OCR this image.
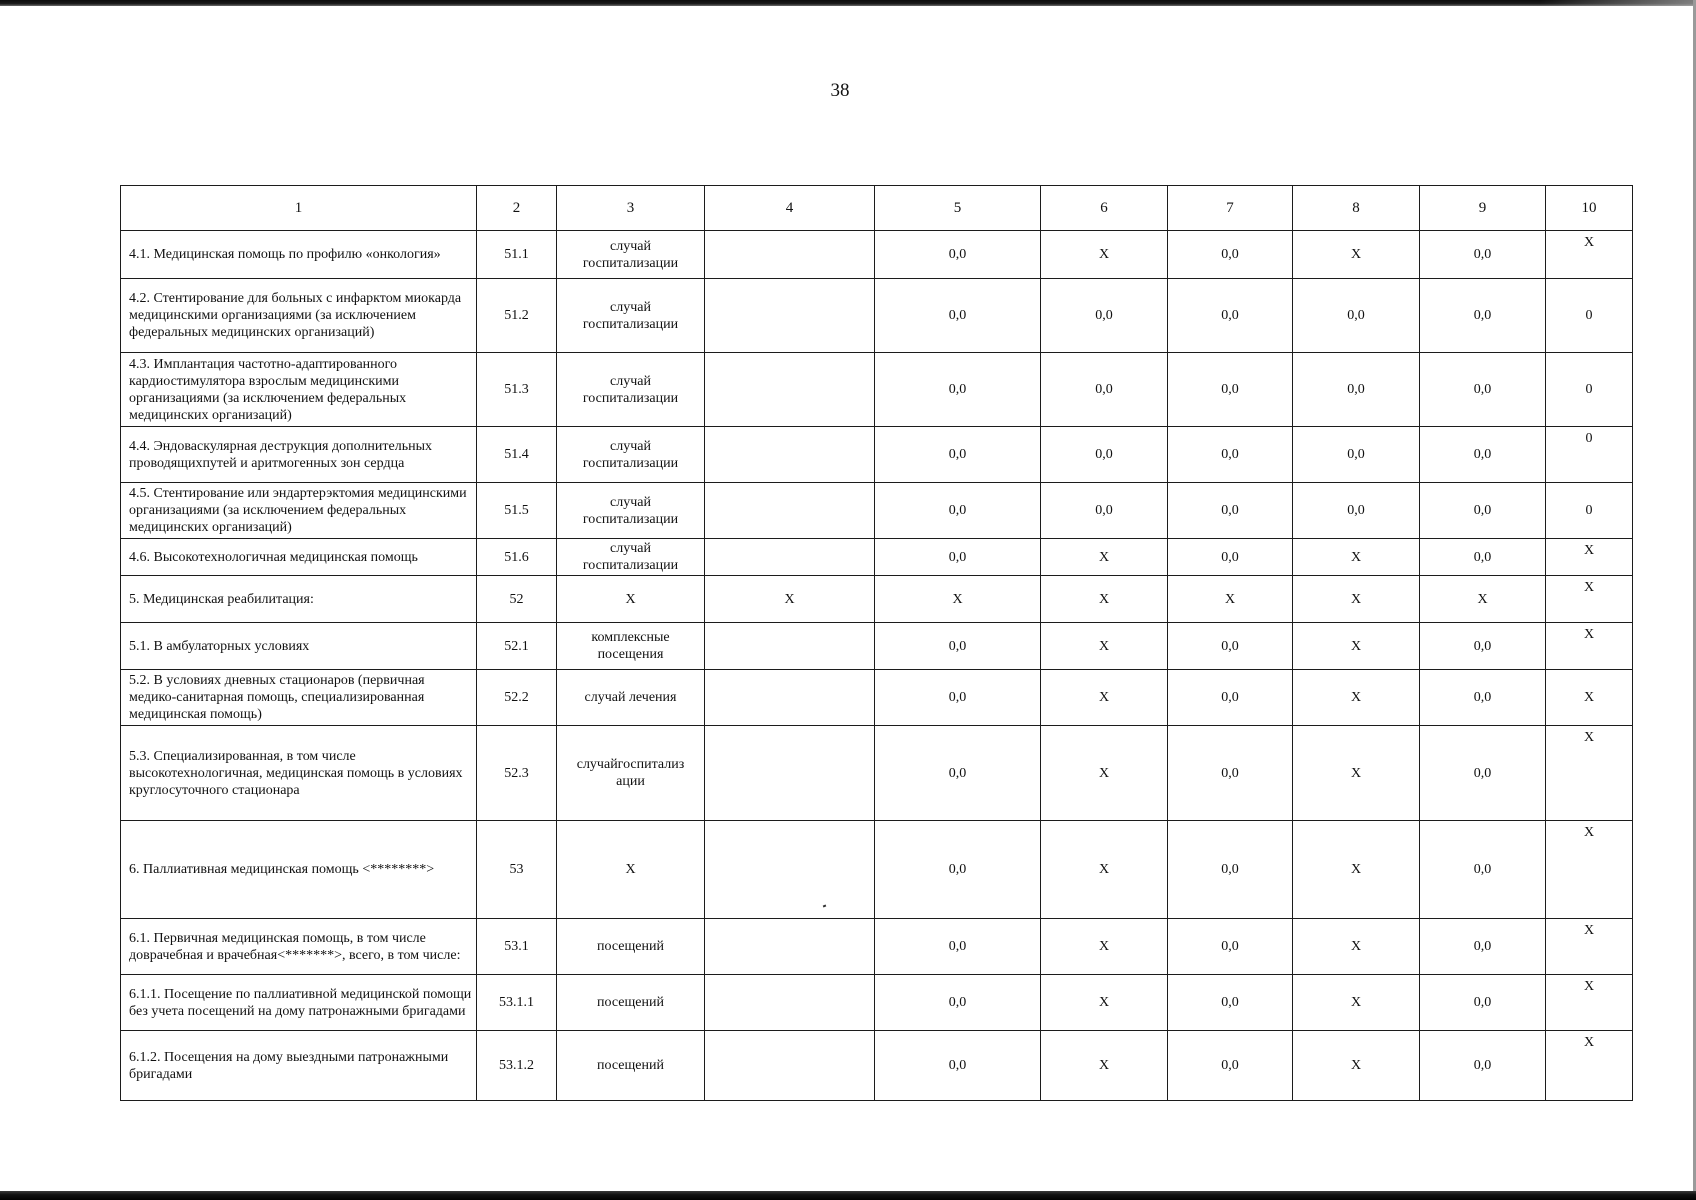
38
1	2	3	4	5	6	7	8	9	10
4.1. Медицинская помощь по профилю «онкология»	51.1	случай госпитализации		0,0	X	0,0	X	0,0	X
4.2. Стентирование для больных с инфарктом миокарда медицинскими организациями (за исключением федеральных медицинских организаций)	51.2	случай госпитализации		0,0	0,0	0,0	0,0	0,0	0
4.3. Имплантация частотно-адаптированного кардиостимулятора взрослым медицинскими организациями (за исключением федеральных медицинских организаций)	51.3	случай госпитализации		0,0	0,0	0,0	0,0	0,0	0
4.4. Эндоваскулярная деструкция дополнительных проводящихпутей и аритмогенных зон сердца	51.4	случай госпитализации		0,0	0,0	0,0	0,0	0,0	0
4.5. Стентирование или эндартерэктомия медицинскими организациями (за исключением федеральных медицинских организаций)	51.5	случай госпитализации		0,0	0,0	0,0	0,0	0,0	0
4.6. Высокотехнологичная медицинская помощь	51.6	случай госпитализации		0,0	X	0,0	X	0,0	X
5. Медицинская реабилитация:	52	X	X	X	X	X	X	X	X
5.1. В амбулаторных условиях	52.1	комплексные посещения		0,0	X	0,0	X	0,0	X
5.2. В условиях дневных стационаров (первичная медико-санитарная помощь, специализированная медицинская помощь)	52.2	случай лечения		0,0	X	0,0	X	0,0	X
5.3. Специализированная, в том числе высокотехнологичная, медицинская помощь в условиях круглосуточного стационара	52.3	случайгоспитализ ации		0,0	X	0,0	X	0,0	X
6. Паллиативная медицинская помощь <********>	53	X		0,0	X	0,0	X	0,0	X
6.1. Первичная медицинская помощь, в том числе доврачебная и врачебная<*******>, всего, в том числе:	53.1	посещений		0,0	X	0,0	X	0,0	X
6.1.1. Посещение по паллиативной медицинской помощи без учета посещений на дому патронажными бригадами	53.1.1	посещений		0,0	X	0,0	X	0,0	X
6.1.2. Посещения на дому выездными патронажными бригадами	53.1.2	посещений		0,0	X	0,0	X	0,0	X
